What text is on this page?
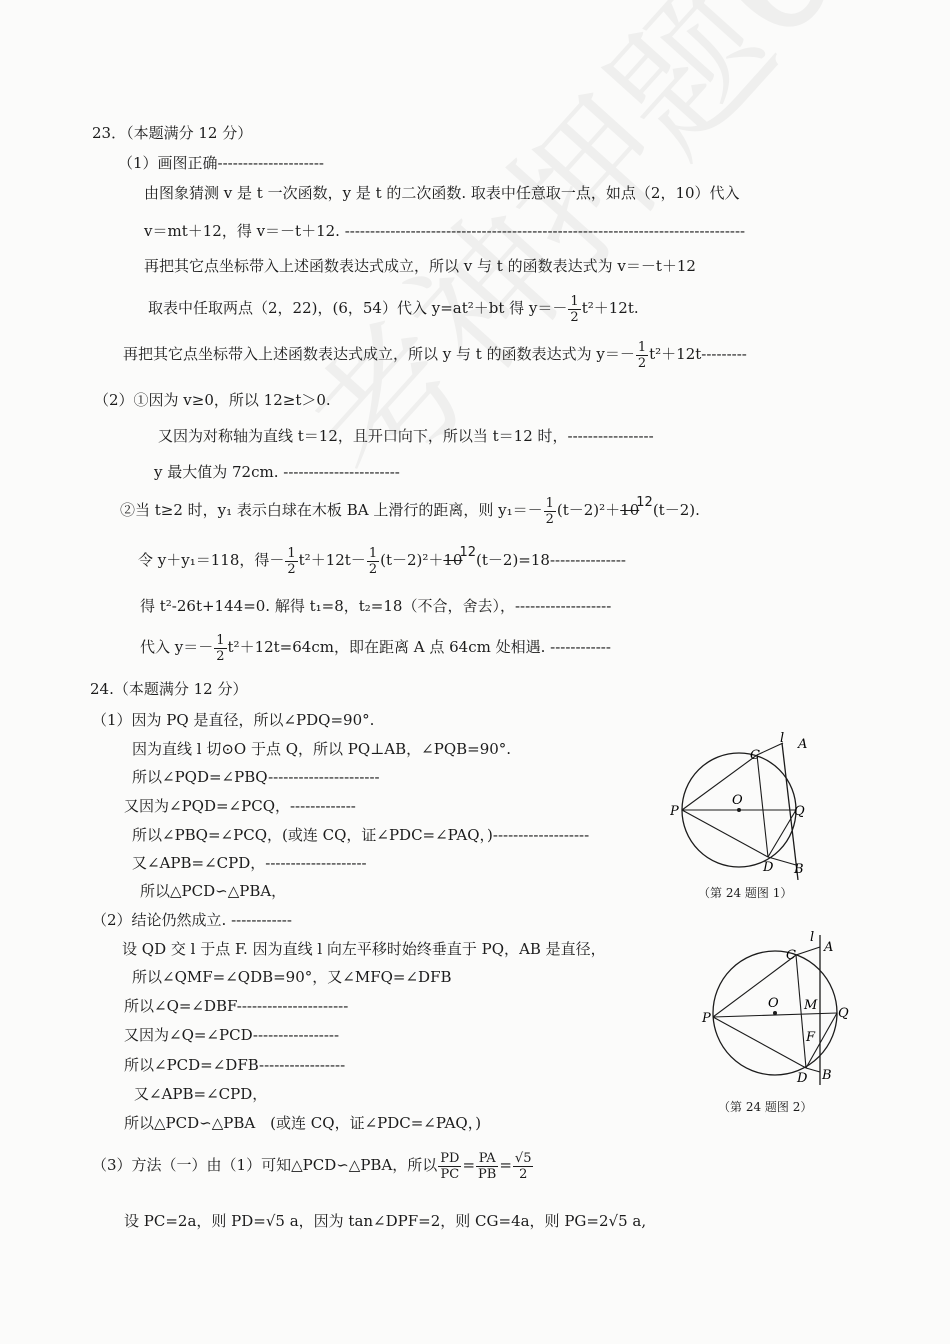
23．（本题满分 12 分）
（1）画图正确---------------------
由图象猜测 v 是 t 一次函数，y 是 t 的二次函数. 取表中任意取一点，如点（2，10）代入
v＝mt＋12，得 v＝－t＋12. -------------------------------------------------------------------------------
再把其它点坐标带入上述函数表达式成立，所以 v 与 t 的函数表达式为 v＝－t＋12
取表中任取两点（2，22)，(6，54）代入 y=at²＋bt 得 $y=- \frac{1}{2} t^2+12t$.
再把其它点坐标带入上述函数表达式成立，所以 y 与 t 的函数表达式为 $y=- \frac{1}{2} t^2+12t---------$
（2）①因为 v≥0，所以 12≥t＞0.
又因为对称轴为直线 t＝12，且开口向下，所以当 t＝12 时，-----------------
y 最大值为 72cm. -----------------------
②当 t≥2 时，y₁ 表示白球在木板 BA 上滑行的距离，则 $y_1=- \frac{1}{2} (t-2)^2+1012(t-2)$.
令 y＋y₁＝118，得－ $\frac{1}{2} t^2+12t- \frac{1}{2} (t-2)^2+1012(t-2)=18---------------$
得 t²-26t+144=0. 解得 t₁=8，t₂=18（不合，舍去），-------------------
代入 $y=- \frac{1}{2} t^2+12t=64cm$，即在距离 A 点 64cm 处相遇. ------------
24.（本题满分 12 分）
（1）因为 PQ 是直径，所以∠PDQ=90°.
因为直线 l 切⊙O 于点 Q，所以 PQ⊥AB，∠PQB=90°.
所以∠PQD=∠PBQ----------------------
又因为∠PQD=∠PCQ，-------------
所以∠PBQ=∠PCQ，(或连 CQ，证∠PDC=∠PAQ，)-------------------
又∠APB=∠CPD，--------------------
所以△PCD∽△PBA，
（2）结论仍然成立. ------------
设 QD 交 l 于点 F. 因为直线 l 向左平移时始终垂直于 PQ，AB 是直径，
所以∠QMF=∠QDB=90°，又∠MFQ=∠DFB
所以∠Q=∠DBF----------------------
又因为∠Q=∠PCD-----------------
所以∠PCD=∠DFB-----------------
又∠APB=∠CPD，
所以△PCD∽△PBA　(或连 CQ，证∠PDC=∠PAQ，)
（3）方法（一）由（1）可知△PCD∽△PBA，所以 $\frac{PD}{PC} = \frac{PA}{PB} = \frac{√5}{2}$
设 PC=2a，则 PD=√5 a，因为 tan∠DPF=2，则 CG=4a，则 PG=2√5 a,
P	Q
O
C
D
A
B
l
（第 24 题图 1）
P	Q
O
C
D
A
B
l
M
F
（第 24 题图 2）
